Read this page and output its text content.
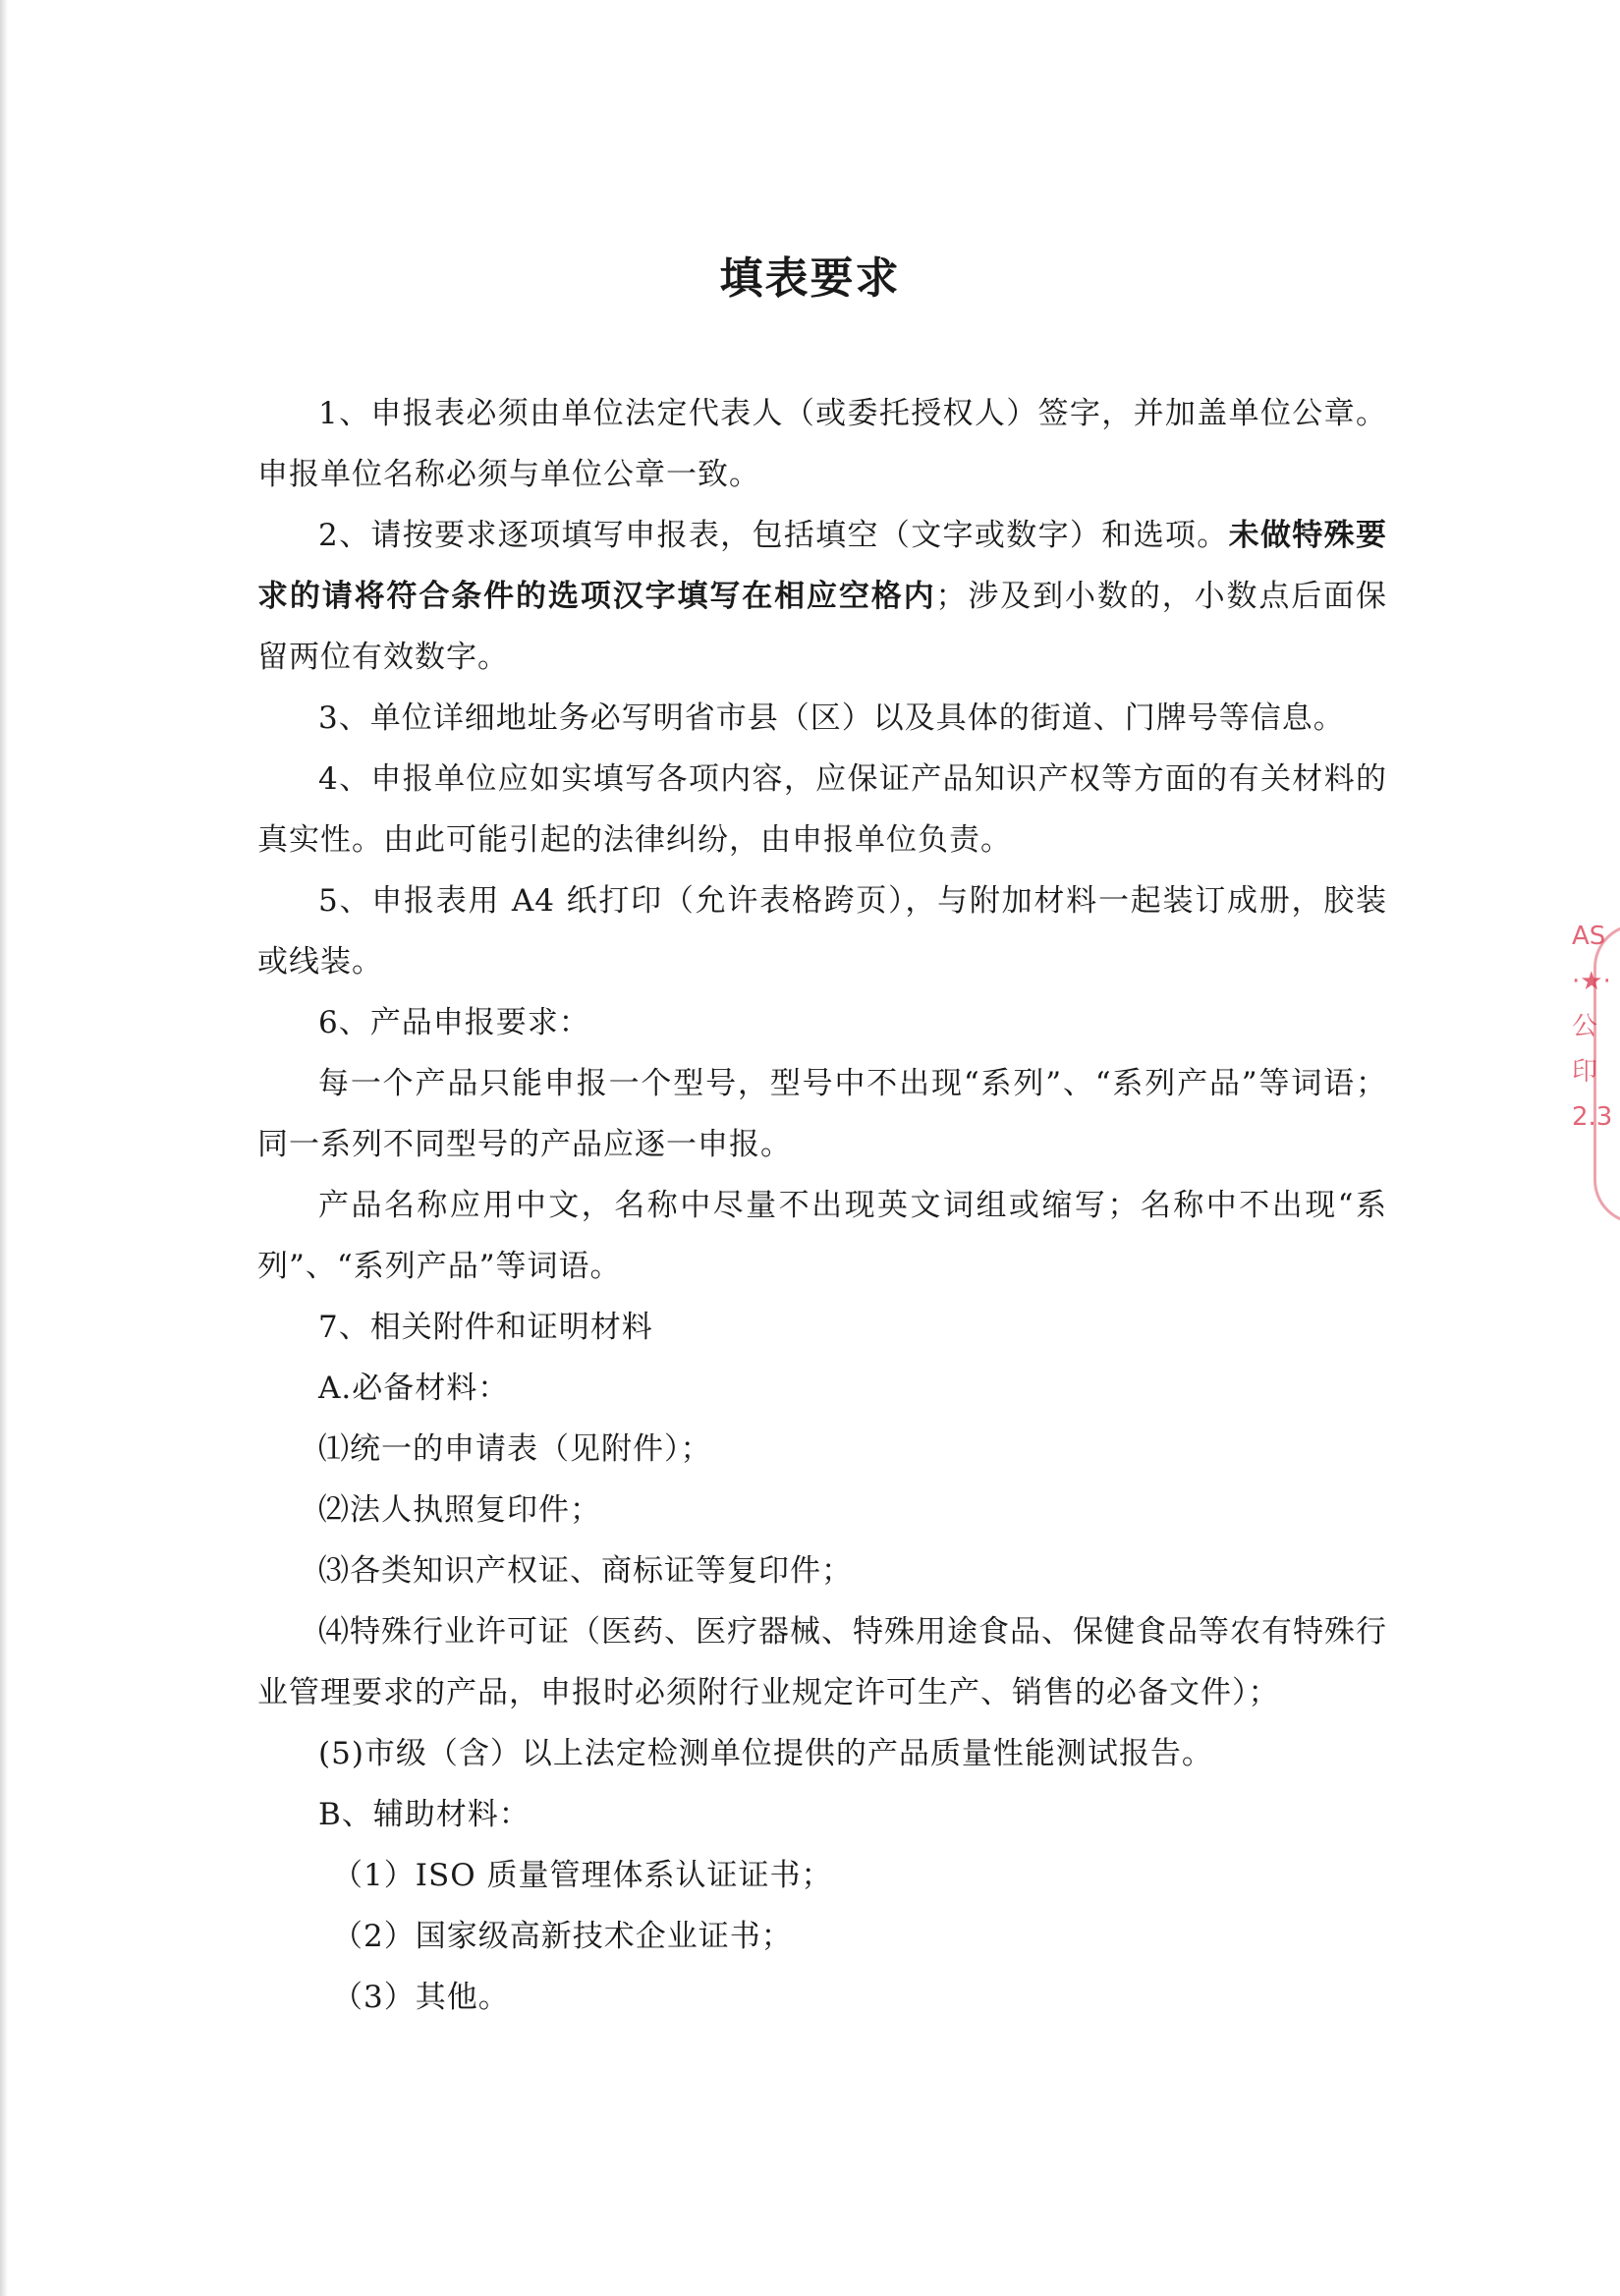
填表要求

1、申报表必须由单位法定代表人（或委托授权人）签字，并加盖单位公章。申报单位名称必须与单位公章一致。

2、请按要求逐项填写申报表，包括填空（文字或数字）和选项。未做特殊要求的请将符合条件的选项汉字填写在相应空格内；涉及到小数的，小数点后面保留两位有效数字。

3、单位详细地址务必写明省市县（区）以及具体的街道、门牌号等信息。

4、申报单位应如实填写各项内容，应保证产品知识产权等方面的有关材料的真实性。由此可能引起的法律纠纷，由申报单位负责。

5、申报表用 A4 纸打印（允许表格跨页），与附加材料一起装订成册，胶装或线装。

6、产品申报要求：

每一个产品只能申报一个型号，型号中不出现“系列”、“系列产品”等词语；同一系列不同型号的产品应逐一申报。

产品名称应用中文，名称中尽量不出现英文词组或缩写；名称中不出现“系列”、“系列产品”等词语。

7、相关附件和证明材料

A.必备材料：

⑴统一的申请表（见附件）；

⑵法人执照复印件；

⑶各类知识产权证、商标证等复印件；

⑷特殊行业许可证（医药、医疗器械、特殊用途食品、保健食品等农有特殊行业管理要求的产品，申报时必须附行业规定许可生产、销售的必备文件）；

(5)市级（含）以上法定检测单位提供的产品质量性能测试报告。

B、辅助材料：

（1）ISO 质量管理体系认证证书；

（2）国家级高新技术企业证书；

（3）其他。

AS ·★· 公 印 2.3
